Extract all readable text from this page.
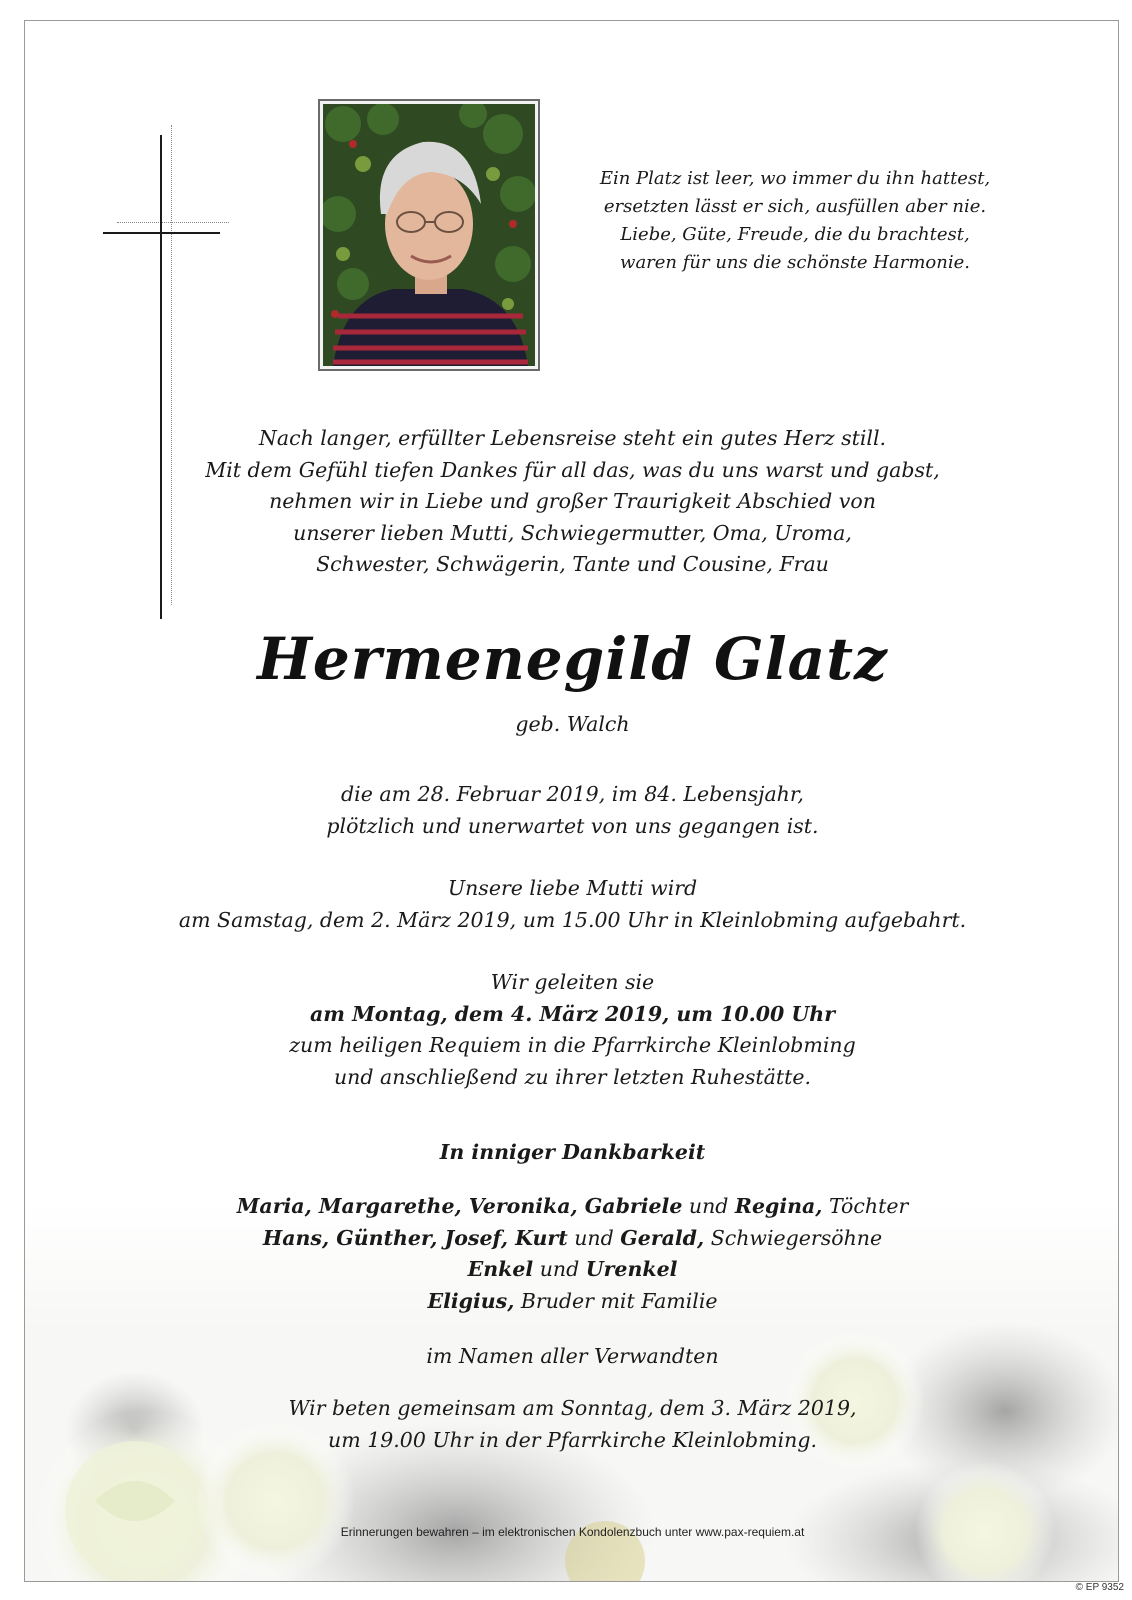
Ein Platz ist leer, wo immer du ihn hattest,
ersetzten lässt er sich, ausfüllen aber nie.
Liebe, Güte, Freude, die du brachtest,
waren für uns die schönste Harmonie.
Nach langer, erfüllter Lebensreise steht ein gutes Herz still.
Mit dem Gefühl tiefen Dankes für all das, was du uns warst und gabst,
nehmen wir in Liebe und großer Traurigkeit Abschied von
unserer lieben Mutti, Schwiegermutter, Oma, Uroma,
Schwester, Schwägerin, Tante und Cousine, Frau
Hermenegild Glatz
geb. Walch
die am 28. Februar 2019, im 84. Lebensjahr,
plötzlich und unerwartet von uns gegangen ist.
Unsere liebe Mutti wird
am Samstag, dem 2. März 2019, um 15.00 Uhr in Kleinlobming aufgebahrt.
Wir geleiten sie
am Montag, dem 4. März 2019, um 10.00 Uhr
zum heiligen Requiem in die Pfarrkirche Kleinlobming
und anschließend zu ihrer letzten Ruhestätte.
In inniger Dankbarkeit
Maria, Margarethe, Veronika, Gabriele und Regina, Töchter
Hans, Günther, Josef, Kurt und Gerald, Schwiegersöhne
Enkel und Urenkel
Eligius, Bruder mit Familie
im Namen aller Verwandten
Wir beten gemeinsam am Sonntag, dem 3. März 2019,
um 19.00 Uhr in der Pfarrkirche Kleinlobming.
Erinnerungen bewahren – im elektronischen Kondolenzbuch unter www.pax-requiem.at
© EP 9352
